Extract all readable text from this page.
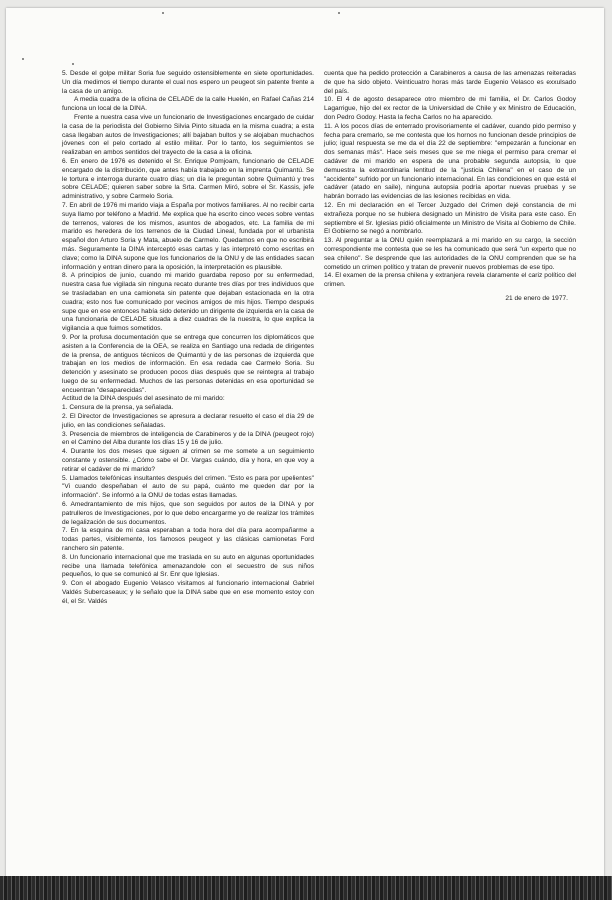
5. Desde el golpe militar Soria fue seguido ostensiblemente en siete oportunidades. Un día medimos el tiempo durante el cual nos espero un peugeot sin patente frente a la casa de un amigo.

A media cuadra de la oficina de CELADE de la calle Huelén, en Rafael Cañas 214 funciona un local de la DINA.

Frente a nuestra casa vive un funcionario de Investigaciones encargado de cuidar la casa de la periodista del Gobierno Silvia Pinto situada en la misma cuadra; a esta casa llegaban autos de Investigaciones; allí bajaban bultos y se alojaban muchachos jóvenes con el pelo cortado al estilo militar. Por lo tanto, los seguimientos se realizaban en ambos sentidos del trayecto de la casa a la oficina.

6. En enero de 1976 es detenido el Sr. Enrique Pomjoam, funcionario de CELADE encargado de la distribución, que antes había trabajado en la imprenta Quimantú. Se le tortura e interroga durante cuatro días; un día le preguntan sobre Quimantú y tres sobre CELADE; quieren saber sobre la Srta. Carmen Miró, sobre el Sr. Kassis, jefe administrativo, y sobre Carmelo Soria.

7. En abril de 1976 mi marido viaja a España por motivos familiares. Al no recibir carta suya llamo por teléfono a Madrid. Me explica que ha escrito cinco veces sobre ventas de terrenos, valores de los mismos, asuntos de abogados, etc. La familia de mi marido es heredera de los terrenos de la Ciudad Lineal, fundada por el urbanista español don Arturo Soria y Mata, abuelo de Carmelo. Quedamos en que no escribirá más. Seguramente la DINA interceptó esas cartas y las interpretó como escritas en clave; como la DINA supone que los funcionarios de la ONU y de las entidades sacan información y entran dinero para la oposición, la interpretación es plausible.

8. A principios de junio, cuando mi marido guardaba reposo por su enfermedad, nuestra casa fue vigilada sin ninguna recato durante tres días por tres individuos que se trasladaban en una camioneta sin patente que dejaban estacionada en la otra cuadra; esto nos fue comunicado por vecinos amigos de mis hijos. Tiempo después supe que en ese entonces había sido detenido un dirigente de izquierda en la casa de una funcionaria de CELADE situada a diez cuadras de la nuestra, lo que explica la vigilancia a que fuimos sometidos.

9. Por la profusa documentación que se entrega que concurren los diplomáticos que asisten a la Conferencia de la OEA, se realiza en Santiago una redada de dirigentes de la prensa, de antiguos técnicos de Quimantú y de las personas de izquierda que trabajan en los medios de información. En esa redada cae Carmelo Soria. Su detención y asesinato se producen pocos días después que se reintegra al trabajo luego de su enfermedad. Muchos de las personas detenidas en esa oportunidad se encuentran "desaparecidas".

Actitud de la DINA después del asesinato de mi marido:

1. Censura de la prensa, ya señalada.

2. El Director de Investigaciones se apresura a declarar resuelto el caso el día 29 de julio, en las condiciones señaladas.

3. Presencia de miembros de inteligencia de Carabineros y de la DINA (peugeot rojo) en el Camino del Alba durante los días 15 y 16 de julio.

4. Durante los dos meses que siguen al crimen se me somete a un seguimiento constante y ostensible. ¿Cómo sabe el Dr. Vargas cuándo, día y hora, en que voy a retirar el cadáver de mi marido?

5. Llamados telefónicas insultantes después del crimen. "Esto es para por upelientes" "Vi cuando despeñaban el auto de su papá, cuánto me queden dar por la información". Se informó a la ONU de todas estas llamadas.

6. Amedrantamiento de mis hijos, que son seguidos por autos de la DINA y por patrulleros de Investigaciones, por lo que debo encargarme yo de realizar los trámites de legalización de sus documentos.

7. En la esquina de mi casa esperaban a toda hora del día para acompañarme a todas partes, visiblemente, los famosos peugeot y las clásicas camionetas Ford ranchero sin patente.

8. Un funcionario internacional que me traslada en su auto en algunas oportunidades recibe una llamada telefónica amenazandole con el secuestro de sus niños pequeños, lo que se comunicó al Sr. Enr que Iglesias.

9. Con el abogado Eugenio Velasco visitamos al funcionario internacional Gabriel Valdés Subercaseaux; y le señalo que la DINA sabe que en ese momento estoy con él, el Sr. Valdés

cuenta que ha pedido protección a Carabineros a causa de las amenazas reiteradas de que ha sido objeto. Veinticuatro horas más tarde Eugenio Velasco es exxulsado del país.

10. El 4 de agosto desaparece otro miembro de mi familia, el Dr. Carlos Godoy Lagarrigue, hijo del ex rector de la Universidad de Chile y ex Ministro de Educación, don Pedro Godoy. Hasta la fecha Carlos no ha aparecido.

11. A los pocos días de enterrado provisoriamente el cadáver, cuando pido permiso y fecha para cremarlo, se me contesta que los hornos no funcionan desde principios de julio; igual respuesta se me da el día 22 de septiembre: "empezarán a funcionar en dos semanas más". Hace seis meses que se me niega el permiso para cremar el cadáver de mi marido en espera de una probable segunda autopsia, lo que demuestra la extraordinaria lentitud de la "justicia Chilena" en el caso de un "accidente" sufrido por un funcionario internacional. En las condiciones en que está el cadáver (atado en saile), ninguna autopsia podría aportar nuevas pruebas y se habrán borrado las evidencias de las lesiones recibidas en vida.

12. En mi declaración en el Tercer Juzgado del Crimen dejé constancia de mi extrañeza porque no se hubiera designado un Ministro de Visita para este caso. En septiembre el Sr. Iglesias pidió oficialmente un Ministro de Visita al Gobierno de Chile. El Gobierno se negó a nombrarlo.

13. Al preguntar a la ONU quién reemplazará a mi marido en su cargo, la sección correspondiente me contesta que se les ha comunicado que será "un experto que no sea chileno". Se desprende que las autoridades de la ONU comprenden que se ha cometido un crimen político y tratan de prevenir nuevos problemas de ese tipo.

14. El examen de la prensa chilena y extranjera revela claramente el cariz político del crimen.

21 de enero de 1977.
